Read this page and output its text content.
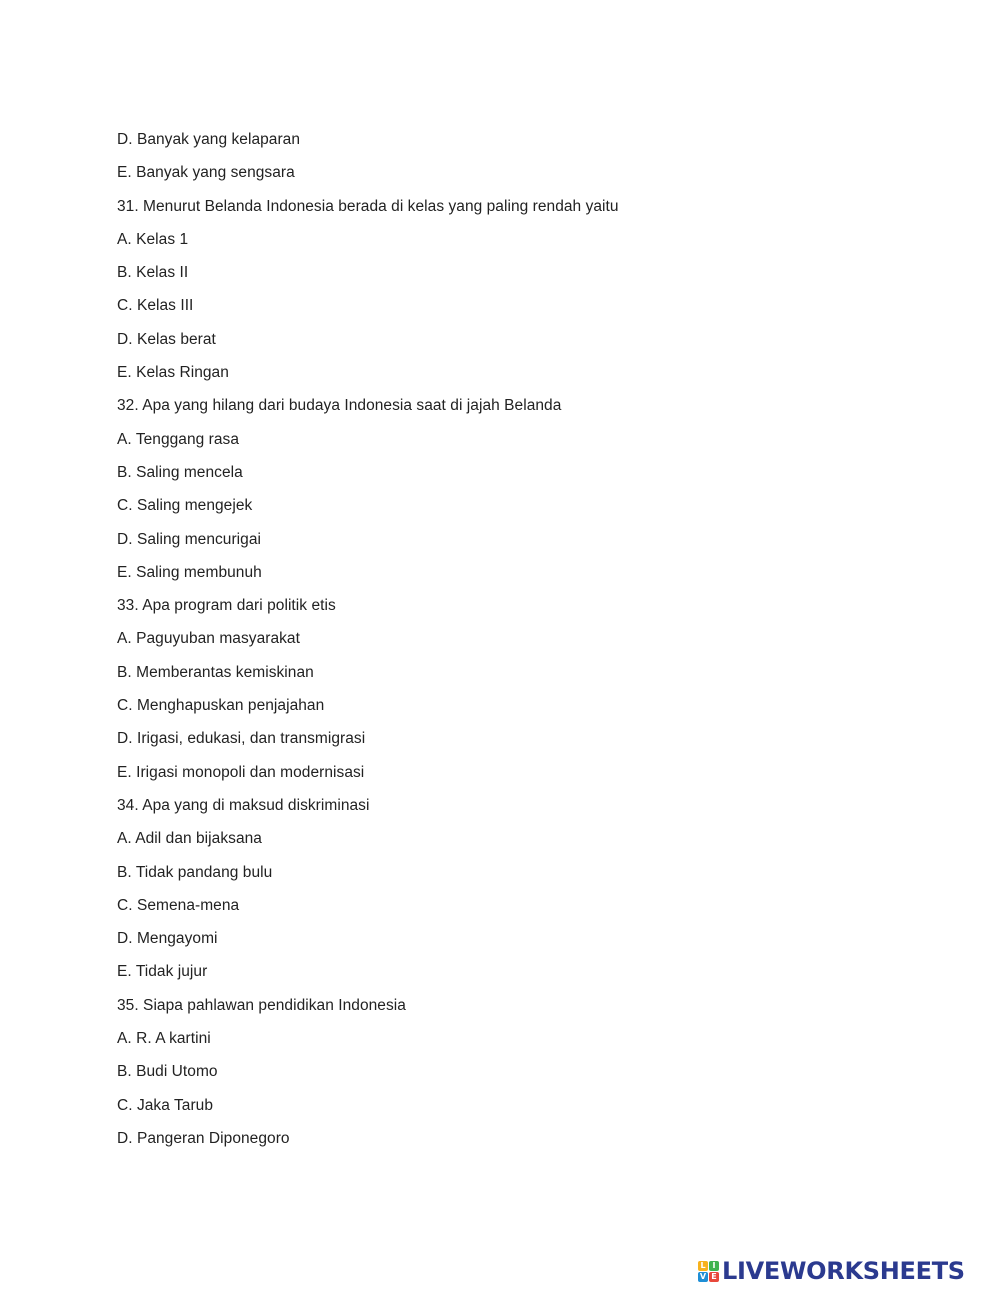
D. Banyak yang kelaparan
E. Banyak yang sengsara
31. Menurut Belanda Indonesia berada di kelas yang paling rendah yaitu
A. Kelas 1
B. Kelas II
C. Kelas III
D. Kelas berat
E. Kelas Ringan
32. Apa yang hilang dari budaya Indonesia saat di jajah Belanda
A. Tenggang rasa
B. Saling mencela
C. Saling mengejek
D. Saling mencurigai
E. Saling membunuh
33. Apa program dari politik etis
A. Paguyuban masyarakat
B. Memberantas kemiskinan
C. Menghapuskan penjajahan
D. Irigasi, edukasi, dan transmigrasi
E. Irigasi monopoli dan modernisasi
34. Apa yang di maksud diskriminasi
A. Adil dan bijaksana
B. Tidak pandang bulu
C. Semena-mena
D. Mengayomi
E. Tidak jujur
35. Siapa pahlawan pendidikan Indonesia
A. R. A kartini
B. Budi Utomo
C. Jaka Tarub
D. Pangeran Diponegoro
L I
V E LIVEWORKSHEETS
